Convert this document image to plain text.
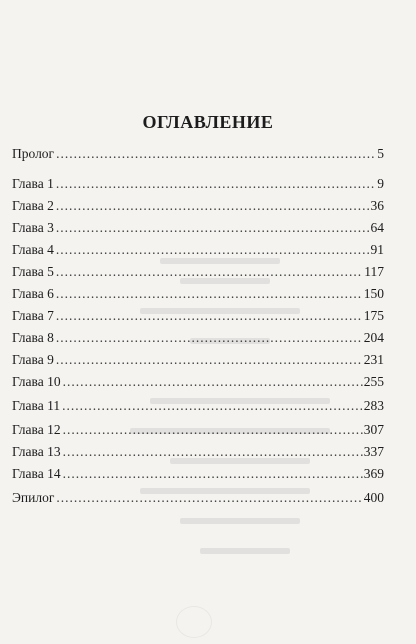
ОГЛАВЛЕНИЕ
Пролог .....	5
Глава 1 .....	9
Глава 2 .....	36
Глава 3 .....	64
Глава 4 .....	91
Глава 5 .....	117
Глава 6 .....	150
Глава 7 .....	175
Глава 8 .....	204
Глава 9 .....	231
Глава 10 .....	255
Глава 11 .....	283
Глава 12 .....	307
Глава 13 .....	337
Глава 14 .....	369
Эпилог .....	400
